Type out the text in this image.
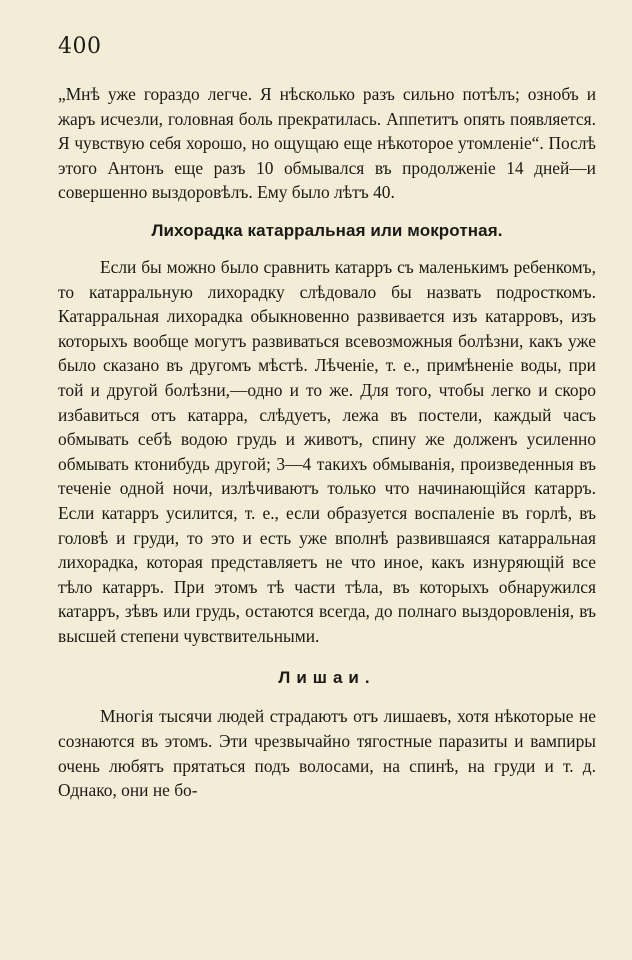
400

„Мнѣ уже гораздо легче. Я нѣсколько разъ сильно потѣлъ; ознобъ и жаръ исчезли, головная боль прекратилась. Аппетитъ опять появляется. Я чувствую себя хорошо, но ощущаю еще нѣкоторое утомленіе“. Послѣ этого Антонъ еще разъ 10 обмывался въ продолженіе 14 дней—и совершенно выздоровѣлъ. Ему было лѣтъ 40.

Лихорадка катарральная или мокротная.

Если бы можно было сравнить катарръ съ маленькимъ ребенкомъ, то катарральную лихорадку слѣдовало бы назвать подросткомъ. Катарральная лихорадка обыкновенно развивается изъ катарровъ, изъ которыхъ вообще могутъ развиваться всевозможныя болѣзни, какъ уже было сказано въ другомъ мѣстѣ. Лѣченіе, т. е., примѣненіе воды, при той и другой болѣзни,—одно и то же. Для того, чтобы легко и скоро избавиться отъ катарра, слѣдуетъ, лежа въ постели, каждый часъ обмывать себѣ водою грудь и животъ, спину же долженъ усиленно обмывать ктонибудь другой; 3—4 такихъ обмыванія, произведенныя въ теченіе одной ночи, излѣчиваютъ только что начинающійся катарръ. Если катарръ усилится, т. е., если образуется воспаленіе въ горлѣ, въ головѣ и груди, то это и есть уже вполнѣ развившаяся катарральная лихорадка, которая представляетъ не что иное, какъ изнуряющій все тѣло катарръ. При этомъ тѣ части тѣла, въ которыхъ обнаружился катарръ, зѣвъ или грудь, остаются всегда, до полнаго выздоровленія, въ высшей степени чувствительными.

Лишаи.

Многія тысячи людей страдаютъ отъ лишаевъ, хотя нѣкоторые не сознаются въ этомъ. Эти чрезвычайно тягостные паразиты и вампиры очень любятъ прятаться подъ волосами, на спинѣ, на груди и т. д. Однако, они не бо-
